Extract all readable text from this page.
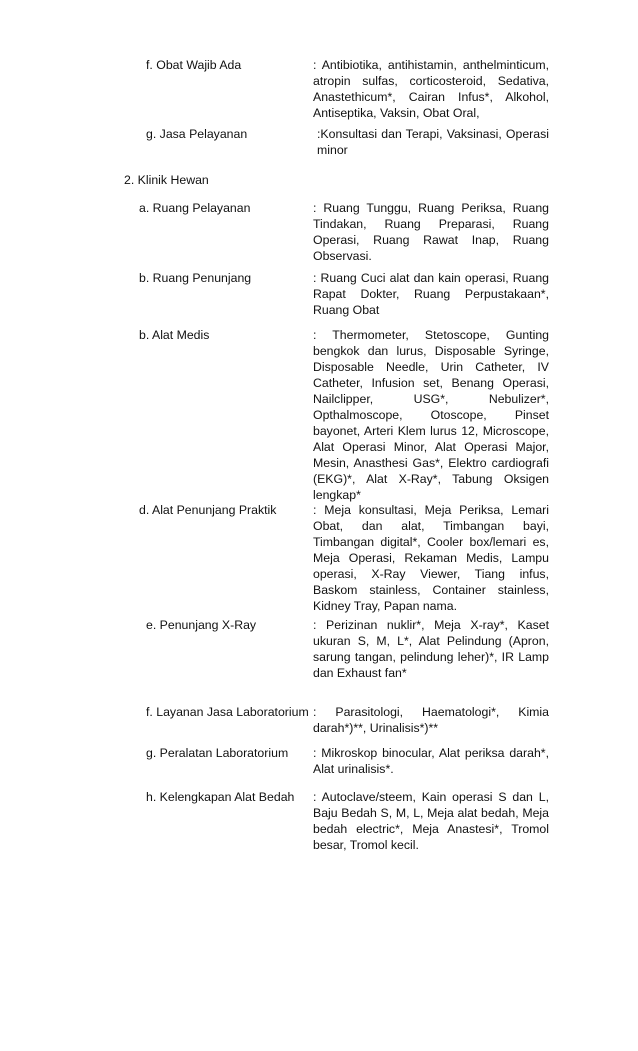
f. Obat Wajib Ada	: Antibiotika, antihistamin, anthelminticum, atropin sulfas, corticosteroid, Sedativa, Anastethicum*, Cairan Infus*, Alkohol, Antiseptika, Vaksin, Obat Oral,
g. Jasa Pelayanan	:Konsultasi dan Terapi, Vaksinasi, Operasi minor
2. Klinik Hewan
a. Ruang Pelayanan	: Ruang Tunggu, Ruang Periksa, Ruang Tindakan, Ruang Preparasi, Ruang Operasi, Ruang Rawat Inap, Ruang Observasi.
b. Ruang Penunjang	: Ruang Cuci alat dan kain operasi, Ruang Rapat Dokter, Ruang Perpustakaan*, Ruang Obat
b. Alat Medis	: Thermometer, Stetoscope, Gunting bengkok dan lurus, Disposable Syringe, Disposable Needle, Urin Catheter, IV Catheter, Infusion set, Benang Operasi, Nailclipper, USG*, Nebulizer*, Opthalmoscope, Otoscope, Pinset bayonet, Arteri Klem lurus 12, Microscope, Alat Operasi Minor, Alat Operasi Major, Mesin, Anasthesi Gas*, Elektro cardiografi (EKG)*, Alat X-Ray*, Tabung Oksigen lengkap*
d. Alat Penunjang Praktik	: Meja konsultasi, Meja Periksa, Lemari Obat, dan alat, Timbangan bayi, Timbangan digital*, Cooler box/lemari es, Meja Operasi, Rekaman Medis, Lampu operasi, X-Ray Viewer, Tiang infus, Baskom stainless, Container stainless, Kidney Tray, Papan nama.
e. Penunjang X-Ray	: Perizinan nuklir*, Meja X-ray*, Kaset ukuran S, M, L*, Alat Pelindung (Apron, sarung tangan, pelindung leher)*, IR Lamp dan Exhaust fan*
f. Layanan Jasa Laboratorium : Parasitologi, Haematologi*, Kimia darah*)**, Urinalisis*)**
g. Peralatan Laboratorium : Mikroskop binocular, Alat periksa darah*, Alat urinalisis*.
h. Kelengkapan Alat Bedah : Autoclave/steem, Kain operasi S dan L, Baju Bedah S, M, L, Meja alat bedah, Meja bedah electric*, Meja Anastesi*, Tromol besar, Tromol kecil.
